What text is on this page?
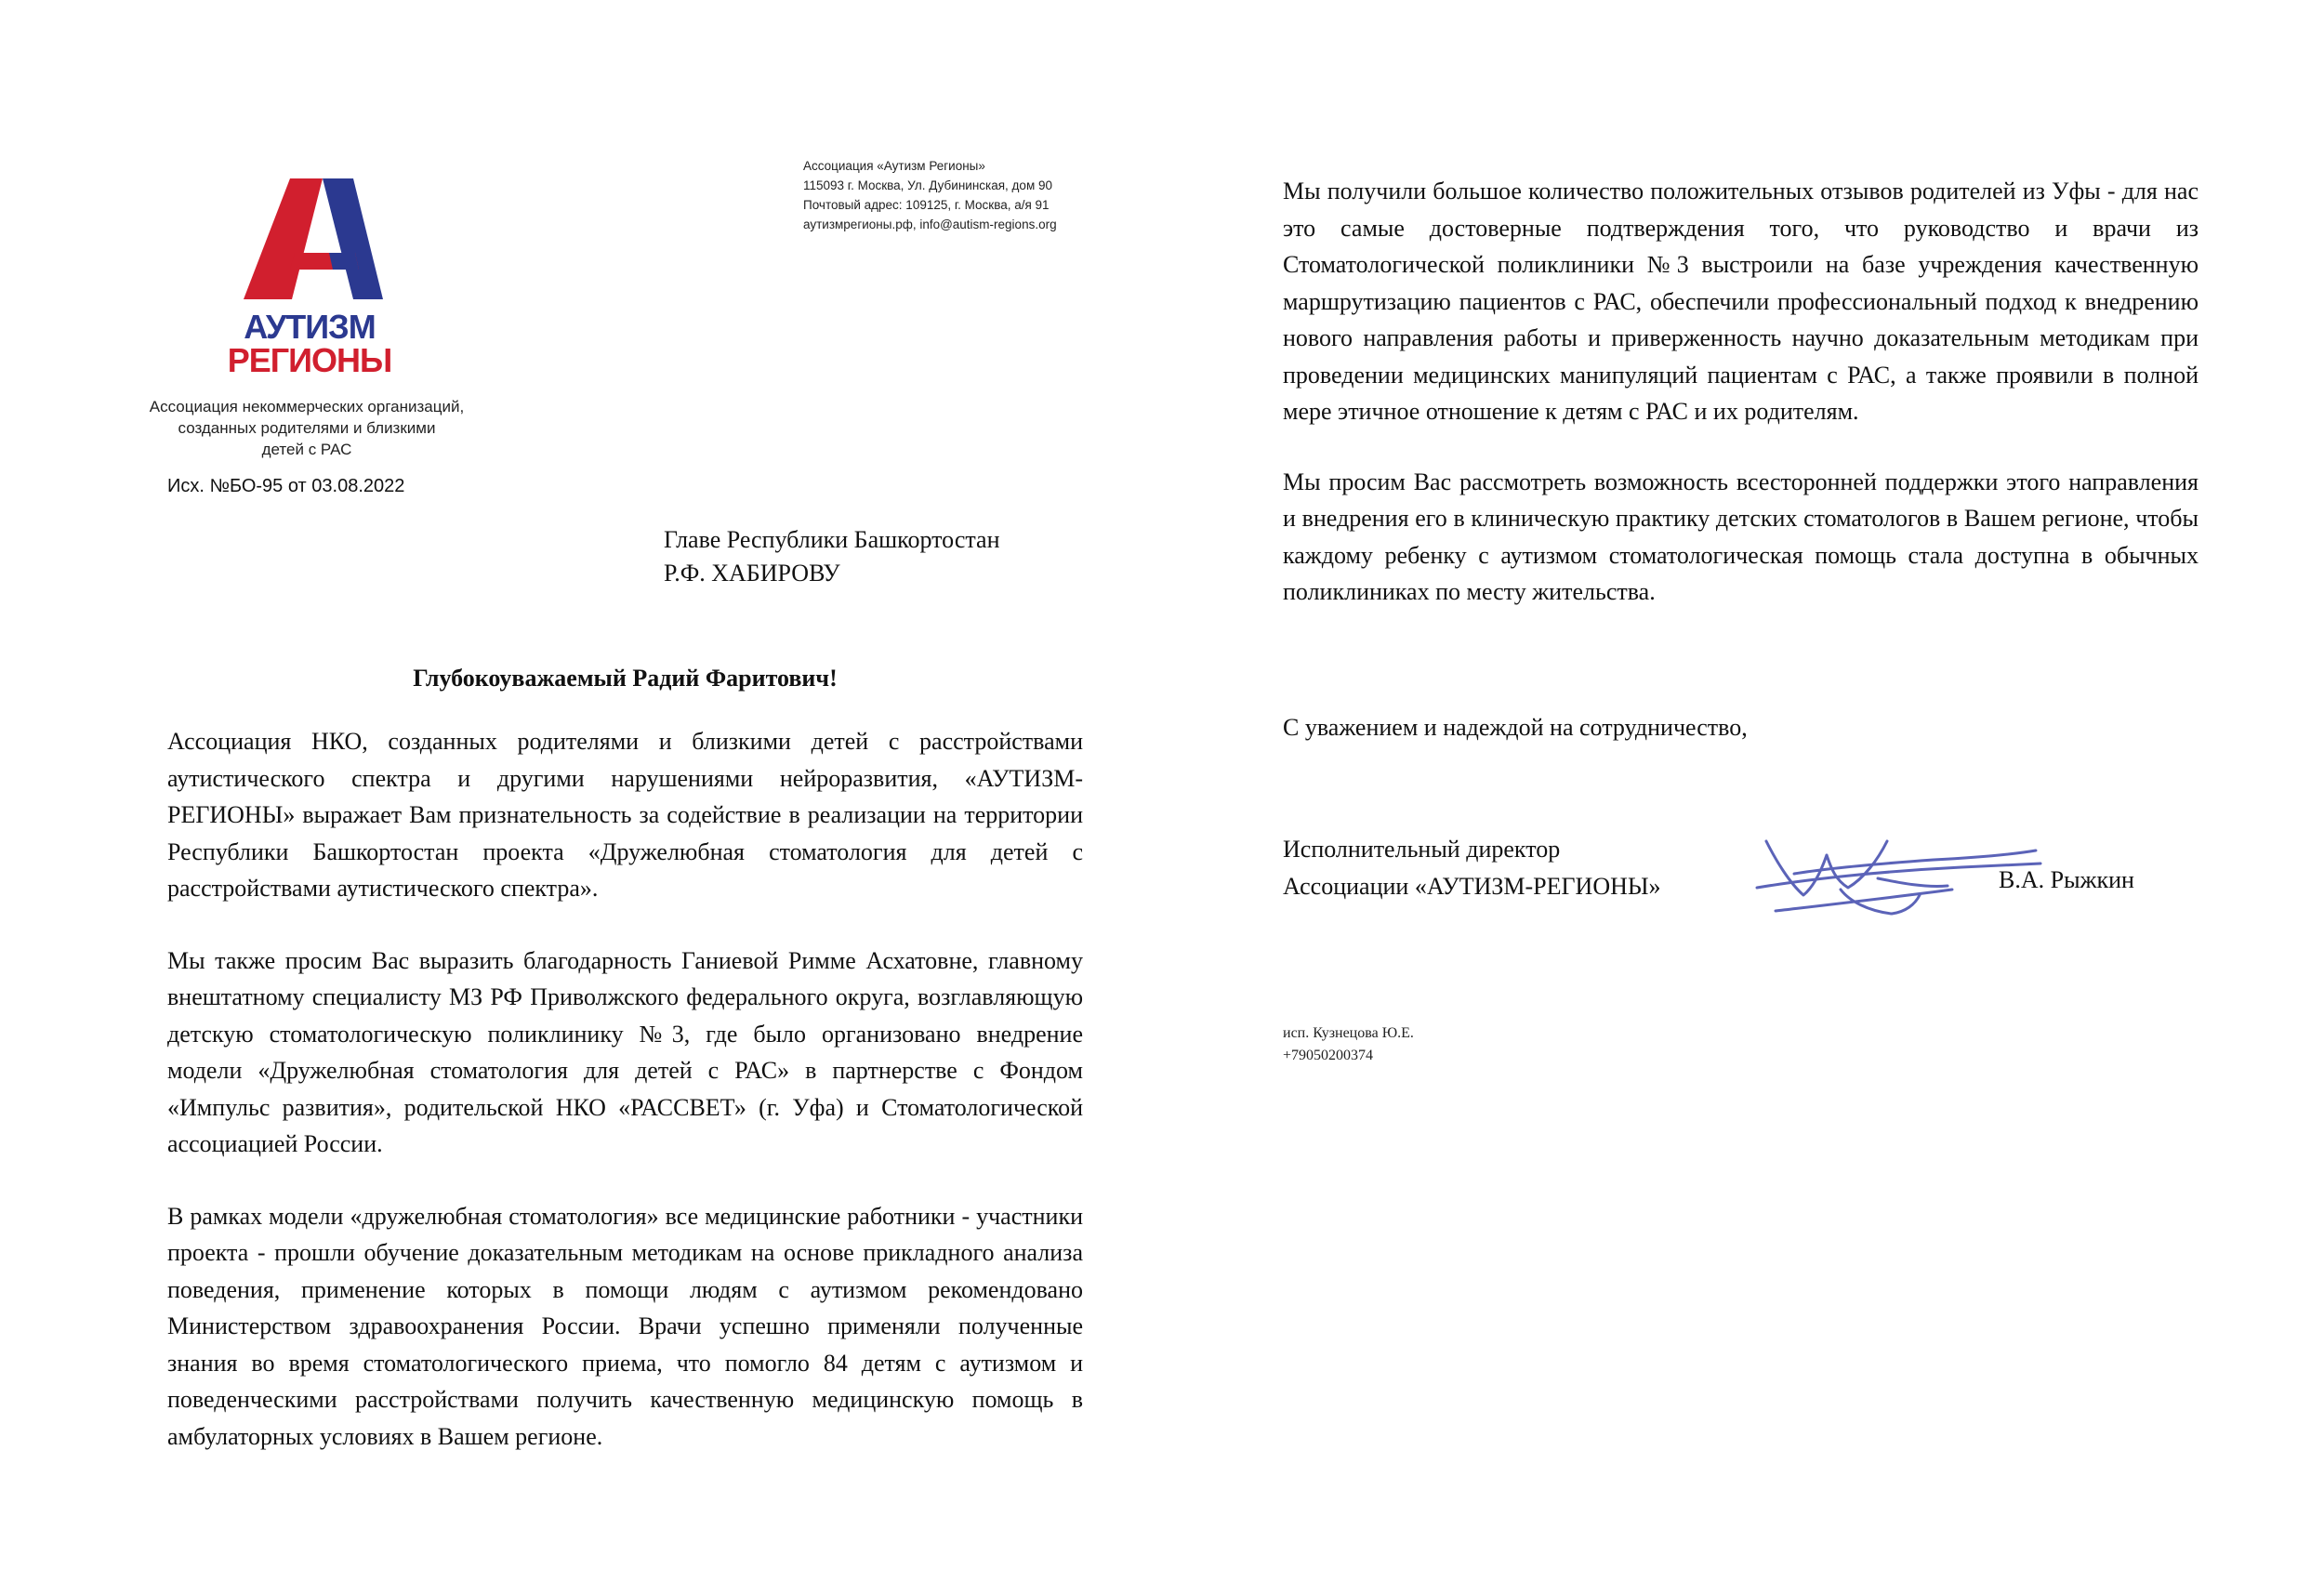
АУТИЗМ
РЕГИОНЫ
Ассоциация некоммерческих организаций,
созданных родителями и близкими
детей с РАС
Исх. №БО-95 от 03.08.2022
Ассоциация «Аутизм Регионы»
115093 г. Москва, Ул. Дубининская, дом 90
Почтовый адрес: 109125, г. Москва, а/я 91
аутизмрегионы.рф, info@autism-regions.org
Главе Республики Башкортостан
Р.Ф. ХАБИРОВУ
Глубокоуважаемый Радий Фаритович!

Ассоциация НКО, созданных родителями и близкими детей с расстройствами аутистического спектра и другими нарушениями нейроразвития, «АУТИЗМ-РЕГИОНЫ» выражает Вам признательность за содействие в реализации на территории Республики Башкортостан проекта «Дружелюбная стоматология для детей с расстройствами аутистического спектра».

Мы также просим Вас выразить благодарность Ганиевой Римме Асхатовне, главному внештатному специалисту МЗ РФ Приволжского федерального округа, возглавляющую детскую стоматологическую поликлинику №3, где было организовано внедрение модели «Дружелюбная стоматология для детей с РАС» в партнерстве с Фондом «Импульс развития», родительской НКО «РАССВЕТ» (г. Уфа) и Стоматологической ассоциацией России.

В рамках модели «дружелюбная стоматология» все медицинские работники - участники проекта - прошли обучение доказательным методикам на основе прикладного анализа поведения, применение которых в помощи людям с аутизмом рекомендовано Министерством здравоохранения России. Врачи успешно применяли полученные знания во время стоматологического приема, что помогло 84 детям с аутизмом и поведенческими расстройствами получить качественную медицинскую помощь в амбулаторных условиях в Вашем регионе.

Мы получили большое количество положительных отзывов родителей из Уфы - для нас это самые достоверные подтверждения того, что руководство и врачи из Стоматологической поликлиники №3 выстроили на базе учреждения качественную маршрутизацию пациентов с РАС, обеспечили профессиональный подход к внедрению нового направления работы и приверженность научно доказательным методикам при проведении медицинских манипуляций пациентам с РАС, а также проявили в полной мере этичное отношение к детям с РАС и их родителям.

Мы просим Вас рассмотреть возможность всесторонней поддержки этого направления и внедрения его в клиническую практику детских стоматологов в Вашем регионе, чтобы каждому ребенку с аутизмом стоматологическая помощь стала доступна в обычных поликлиниках по месту жительства.

С уважением и надеждой на сотрудничество,
Исполнительный директор
Ассоциации «АУТИЗМ-РЕГИОНЫ»	В.А. Рыжкин
исп. Кузнецова Ю.Е.
+79050200374
